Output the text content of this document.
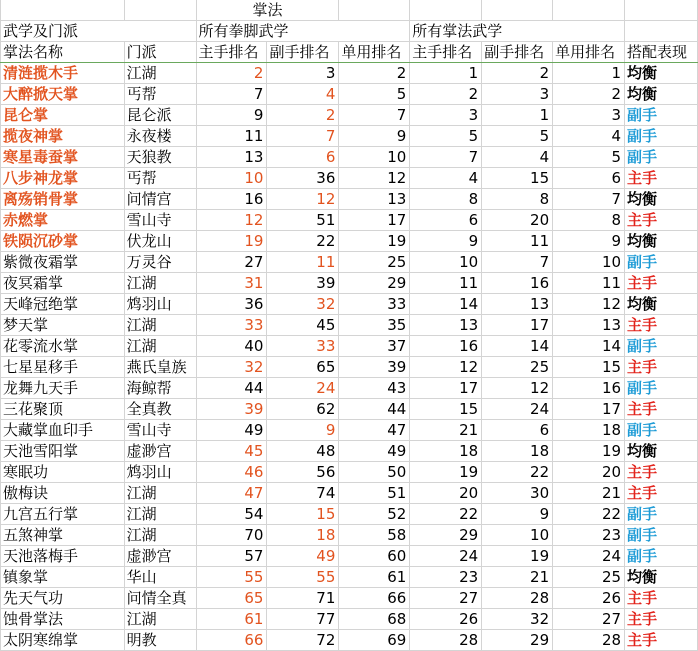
		掌法						
武学及门派		所有拳脚武学			所有掌法武学			
掌法名称	门派	主手排名	副手排名	单用排名	主手排名	副手排名	单用排名	搭配表现
清涟揽木手	江湖	2	3	2	1	2	1	均衡
大醉掀天掌	丐帮	7	4	5	2	3	2	均衡
昆仑掌	昆仑派	9	2	7	3	1	3	副手
揽夜神掌	永夜楼	11	7	9	5	5	4	副手
寒星毒蚕掌	天狼教	13	6	10	7	4	5	副手
八步神龙掌	丐帮	10	36	12	4	15	6	主手
离殇销骨掌	问情宫	16	12	13	8	8	7	均衡
赤燃掌	雪山寺	12	51	17	6	20	8	主手
铁陨沉砂掌	伏龙山	19	22	19	9	11	9	均衡
紫微夜霜掌	万灵谷	27	11	25	10	7	10	副手
夜冥霜掌	江湖	31	39	29	11	16	11	主手
天峰冠绝掌	鸩羽山	36	32	33	14	13	12	均衡
梦天掌	江湖	33	45	35	13	17	13	主手
花零流水掌	江湖	40	33	37	16	14	14	副手
七星星移手	燕氏皇族	32	65	39	12	25	15	主手
龙舞九天手	海鲸帮	44	24	43	17	12	16	副手
三花聚顶	全真教	39	62	44	15	24	17	主手
大藏掌血印手	雪山寺	49	9	47	21	6	18	副手
天池雪阳掌	虚渺宫	45	48	49	18	18	19	均衡
寒眠功	鸩羽山	46	56	50	19	22	20	主手
傲梅诀	江湖	47	74	51	20	30	21	主手
九宫五行掌	江湖	54	15	52	22	9	22	副手
五煞神掌	江湖	70	18	58	29	10	23	副手
天池落梅手	虚渺宫	57	49	60	24	19	24	副手
镇象掌	华山	55	55	61	23	21	25	均衡
先天气功	问情全真	65	71	66	27	28	26	主手
蚀骨掌法	江湖	61	77	68	26	32	27	主手
太阴寒绵掌	明教	66	72	69	28	29	28	主手
